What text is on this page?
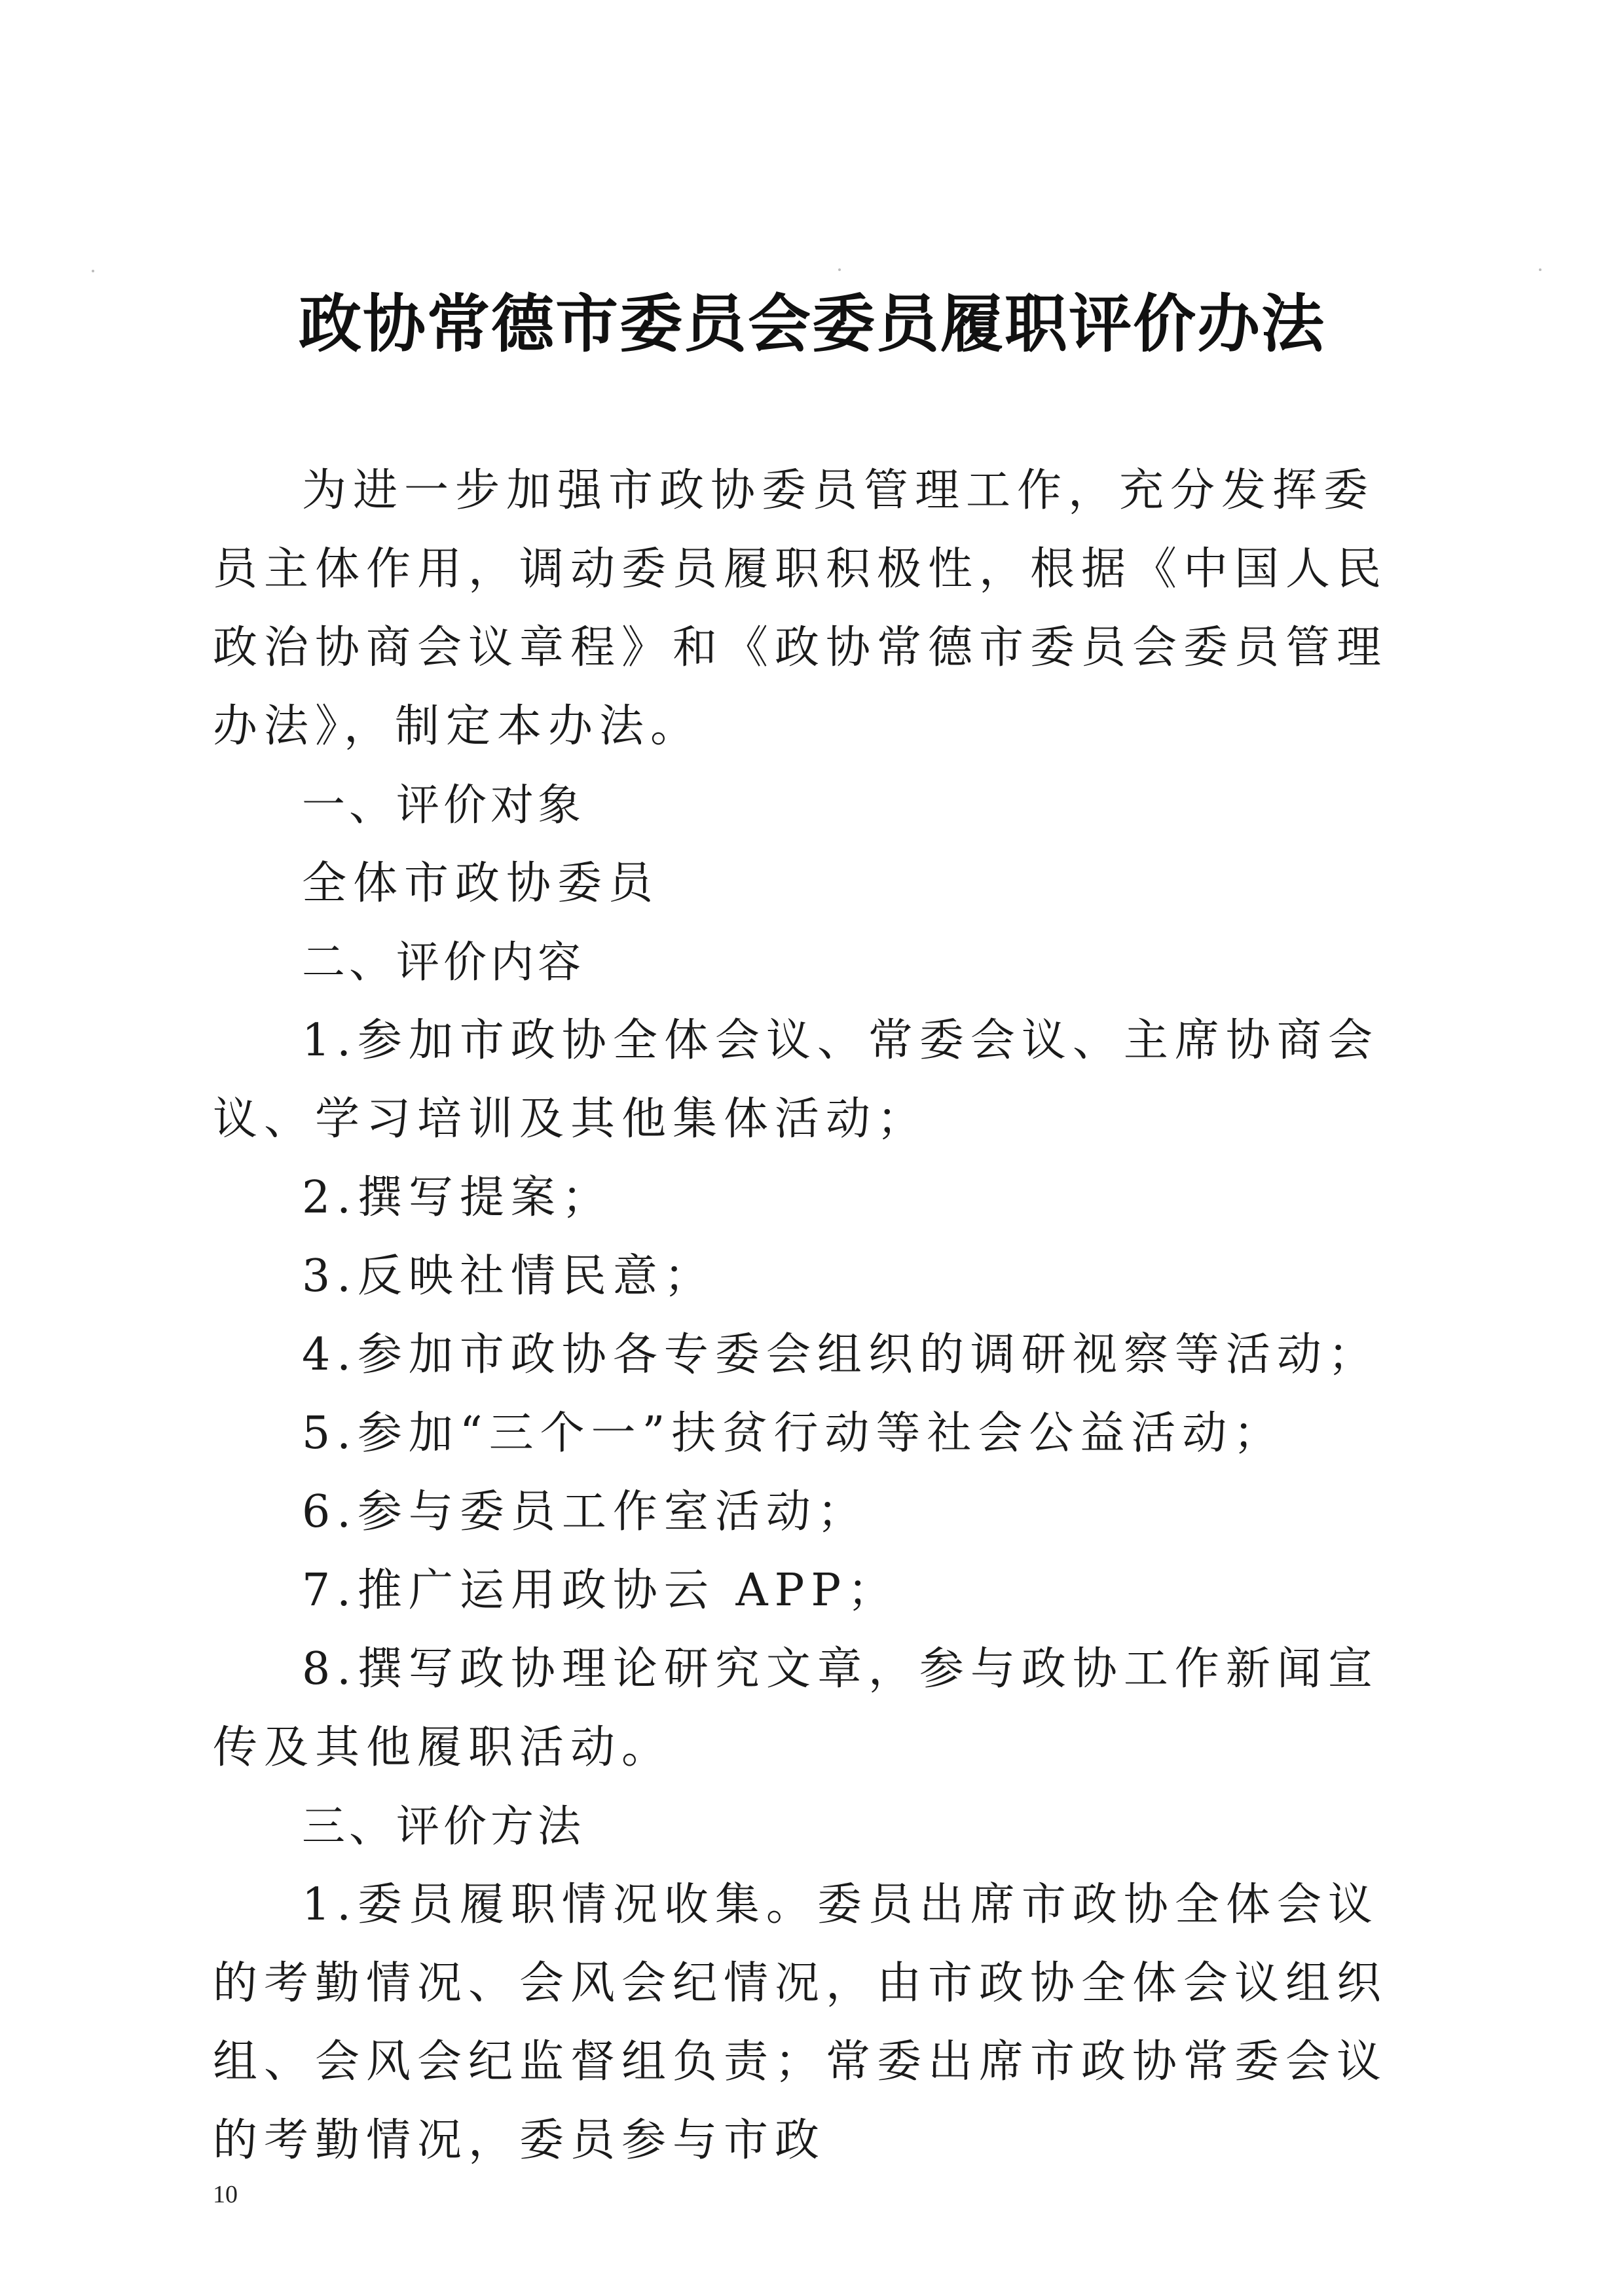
政协常德市委员会委员履职评价办法

为进一步加强市政协委员管理工作，充分发挥委员主体作用，调动委员履职积极性，根据《中国人民政治协商会议章程》和《政协常德市委员会委员管理办法》，制定本办法。

一、评价对象

全体市政协委员

二、评价内容

1.参加市政协全体会议、常委会议、主席协商会议、学习培训及其他集体活动；

2.撰写提案；

3.反映社情民意；

4.参加市政协各专委会组织的调研视察等活动；

5.参加“三个一”扶贫行动等社会公益活动；

6.参与委员工作室活动；

7.推广运用政协云 APP；

8.撰写政协理论研究文章，参与政协工作新闻宣传及其他履职活动。

三、评价方法

1.委员履职情况收集。委员出席市政协全体会议的考勤情况、会风会纪情况，由市政协全体会议组织组、会风会纪监督组负责；常委出席市政协常委会议的考勤情况，委员参与市政

10
